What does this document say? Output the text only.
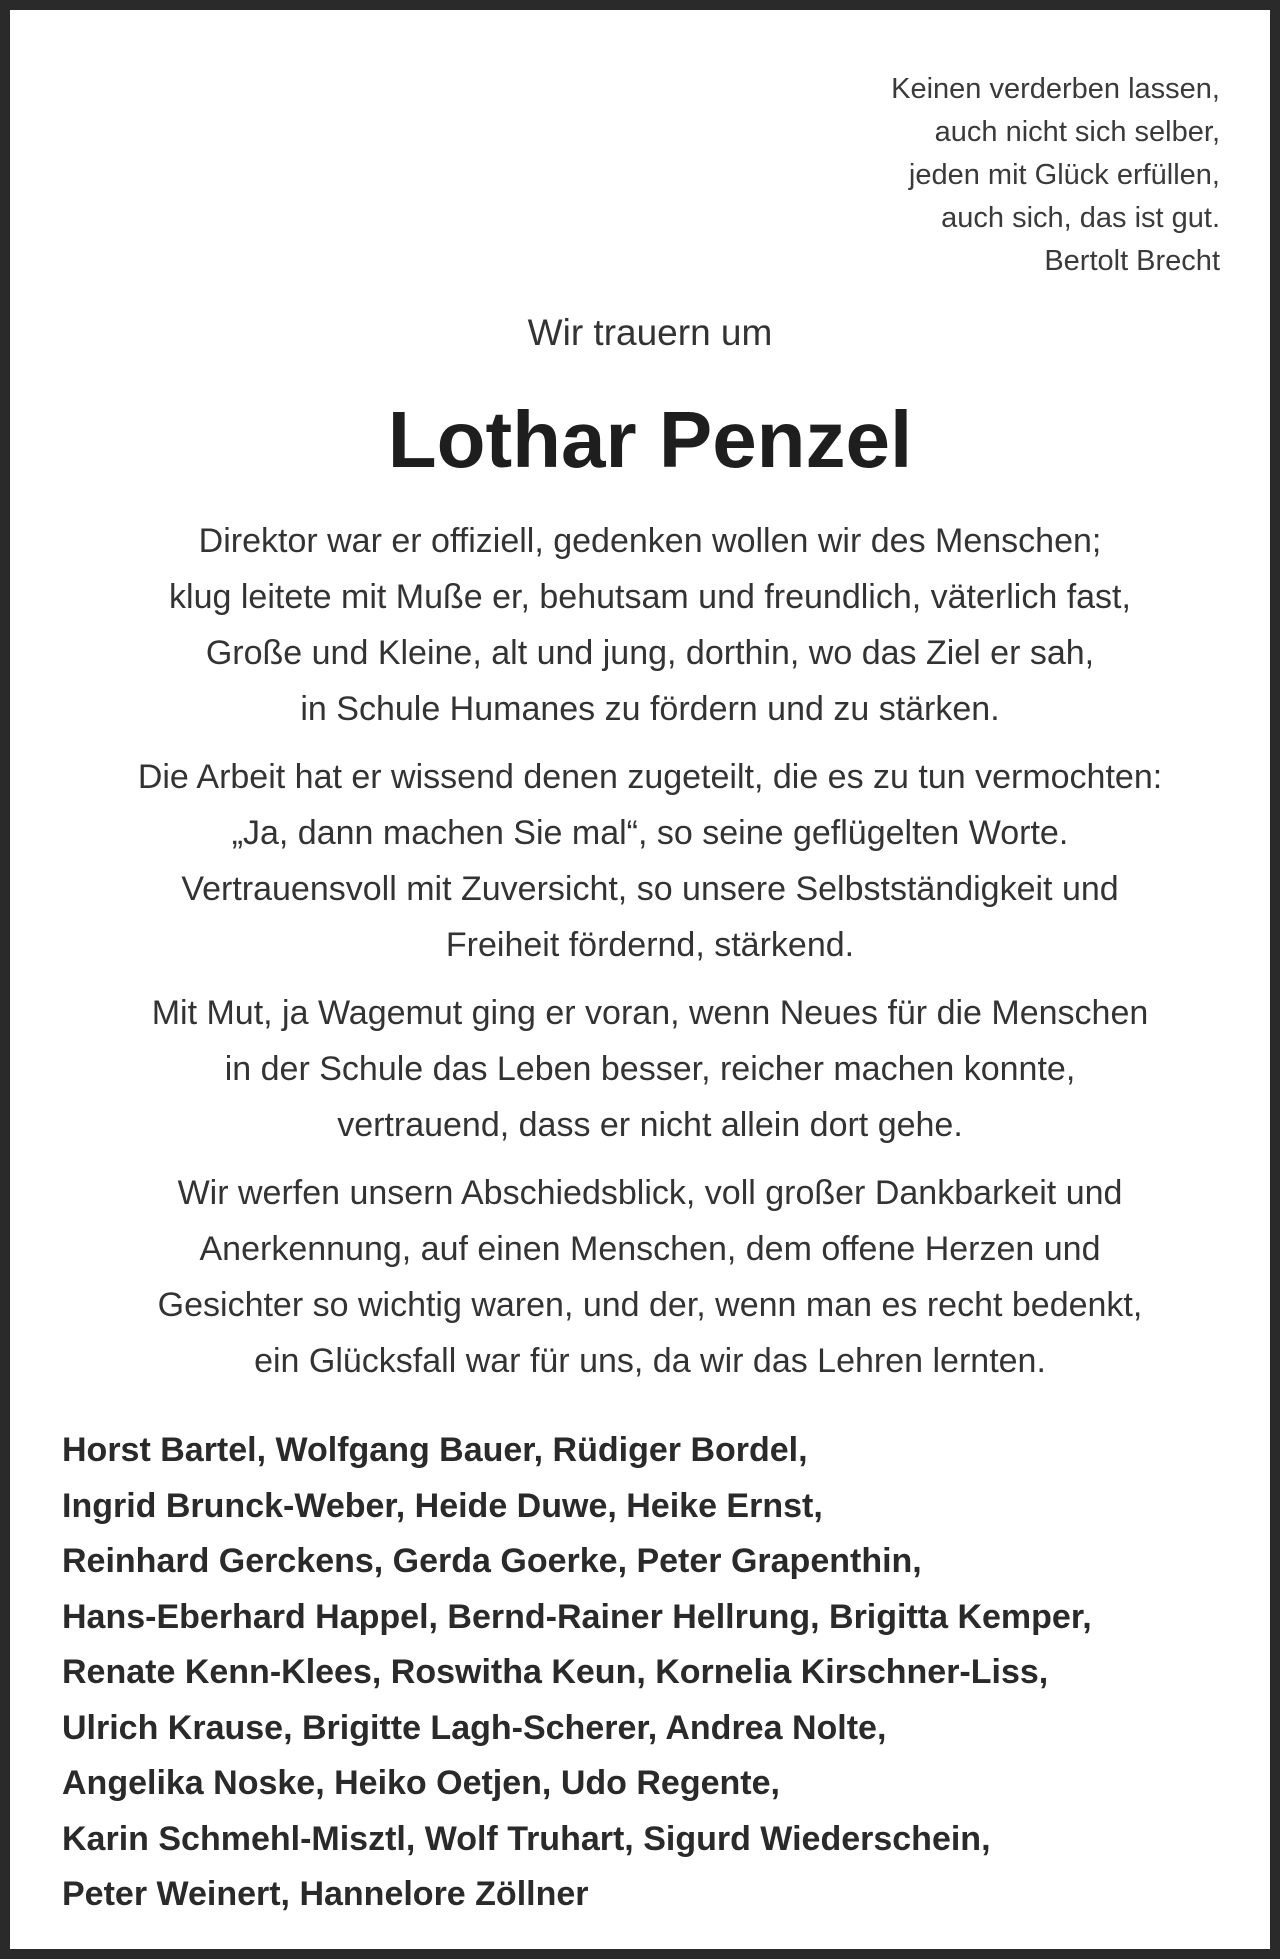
Keinen verderben lassen,
auch nicht sich selber,
jeden mit Glück erfüllen,
auch sich, das ist gut.
Bertolt Brecht
Wir trauern um
Lothar Penzel
Direktor war er offiziell, gedenken wollen wir des Menschen;
klug leitete mit Muße er, behutsam und freundlich, väterlich fast,
Große und Kleine, alt und jung, dorthin, wo das Ziel er sah,
in Schule Humanes zu fördern und zu stärken.
Die Arbeit hat er wissend denen zugeteilt, die es zu tun vermochten:
„Ja, dann machen Sie mal“, so seine geflügelten Worte.
Vertrauensvoll mit Zuversicht, so unsere Selbstständigkeit und
Freiheit fördernd, stärkend.
Mit Mut, ja Wagemut ging er voran, wenn Neues für die Menschen
in der Schule das Leben besser, reicher machen konnte,
vertrauend, dass er nicht allein dort gehe.
Wir werfen unsern Abschiedsblick, voll großer Dankbarkeit und
Anerkennung, auf einen Menschen, dem offene Herzen und
Gesichter so wichtig waren, und der, wenn man es recht bedenkt,
ein Glücksfall war für uns, da wir das Lehren lernten.
Horst Bartel, Wolfgang Bauer, Rüdiger Bordel,
Ingrid Brunck-Weber, Heide Duwe, Heike Ernst,
Reinhard Gerckens, Gerda Goerke, Peter Grapenthin,
Hans-Eberhard Happel, Bernd-Rainer Hellrung, Brigitta Kemper,
Renate Kenn-Klees, Roswitha Keun, Kornelia Kirschner-Liss,
Ulrich Krause, Brigitte Lagh-Scherer, Andrea Nolte,
Angelika Noske, Heiko Oetjen, Udo Regente,
Karin Schmehl-Misztl, Wolf Truhart, Sigurd Wiederschein,
Peter Weinert, Hannelore Zöllner
